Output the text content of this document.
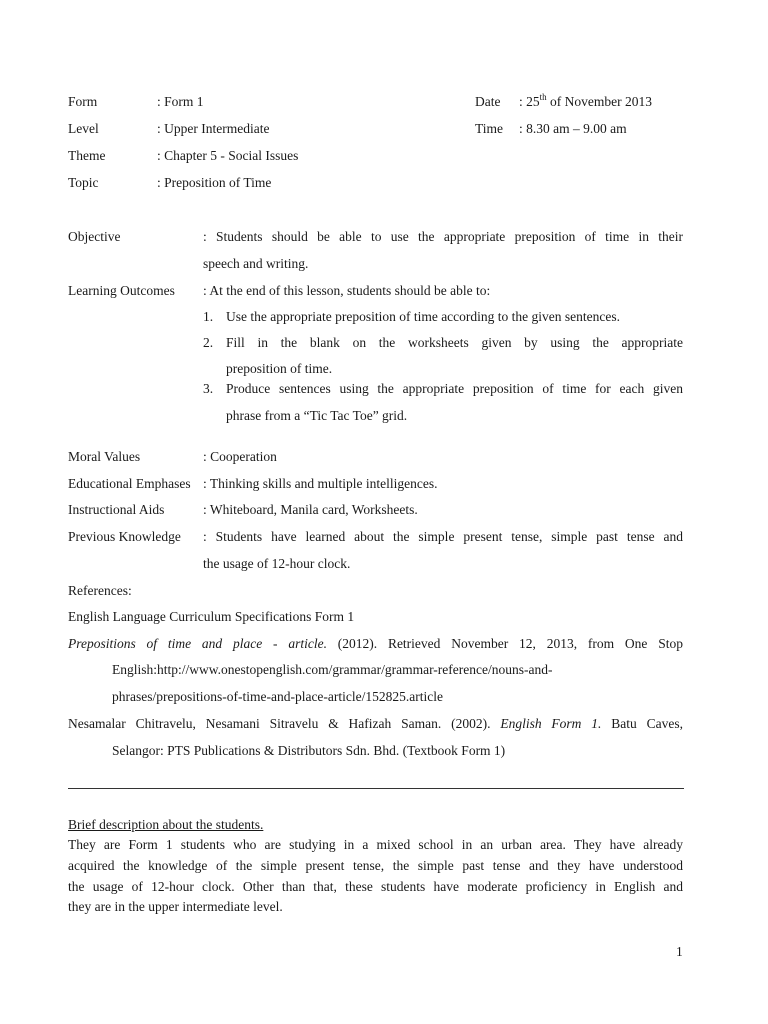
Form	: Form 1
Level	: Upper Intermediate
Theme	: Chapter 5 - Social Issues
Topic	: Preposition of Time
Date : 25th of November 2013
Time : 8.30 am – 9.00 am
Objective	: Students should be able to use the appropriate preposition of time in their
speech and writing.
Learning Outcomes : At the end of this lesson, students should be able to:
1. Use the appropriate preposition of time according to the given sentences.
2. Fill in the blank on the worksheets given by using the appropriate
preposition of time.
3. Produce sentences using the appropriate preposition of time for each given
phrase from a “Tic Tac Toe” grid.
Moral Values	: Cooperation
Educational Emphases : Thinking skills and multiple intelligences.
Instructional Aids	: Whiteboard, Manila card, Worksheets.
Previous Knowledge : Students have learned about the simple present tense, simple past tense and
the usage of 12-hour clock.
References:
English Language Curriculum Specifications Form 1
Prepositions of time and place - article. (2012). Retrieved November 12, 2013, from One Stop
English:http://www.onestopenglish.com/grammar/grammar-reference/nouns-and-
phrases/prepositions-of-time-and-place-article/152825.article
Nesamalar Chitravelu, Nesamani Sitravelu & Hafizah Saman. (2002). English Form 1. Batu Caves,
Selangor: PTS Publications & Distributors Sdn. Bhd. (Textbook Form 1)
Brief description about the students.
They are Form 1 students who are studying in a mixed school in an urban area. They have already
acquired the knowledge of the simple present tense, the simple past tense and they have understood
the usage of 12-hour clock. Other than that, these students have moderate proficiency in English and
they are in the upper intermediate level.
1
